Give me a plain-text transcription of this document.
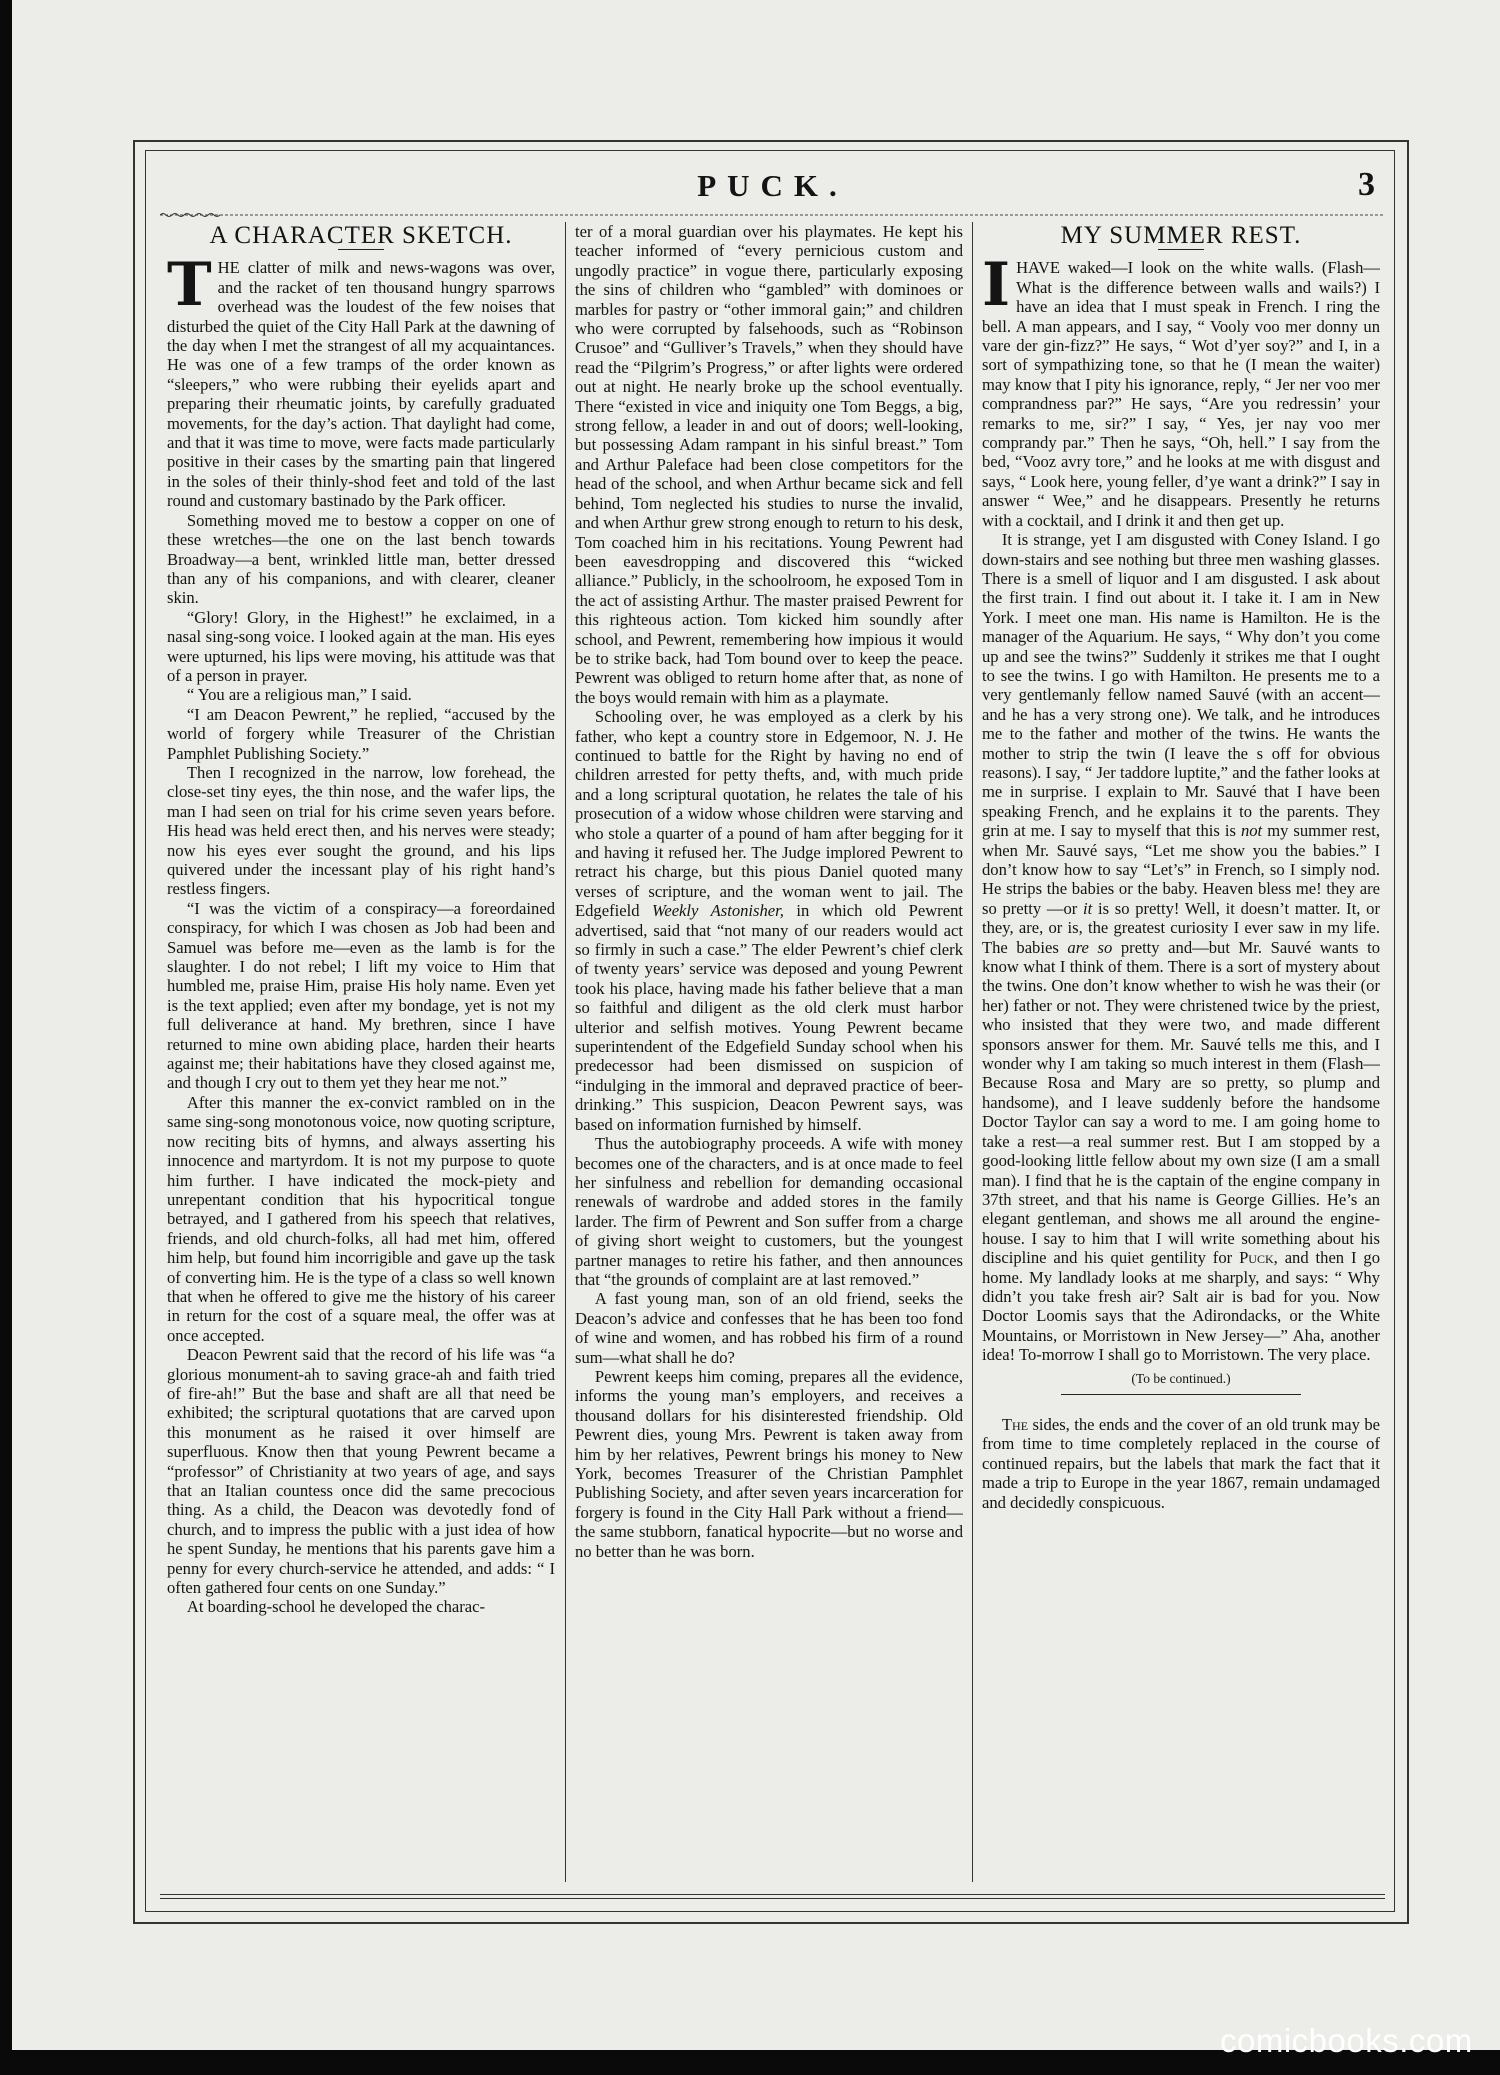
PUCK.	3
A CHARACTER SKETCH.

THE clatter of milk and news-wagons was over, and the racket of ten thousand hungry sparrows overhead was the loudest of the few noises that disturbed the quiet of the City Hall Park at the dawning of the day when I met the strangest of all my acquaintances. He was one of a few tramps of the order known as “sleepers,” who were rubbing their eyelids apart and preparing their rheumatic joints, by carefully graduated movements, for the day’s action. That daylight had come, and that it was time to move, were facts made particularly positive in their cases by the smarting pain that lingered in the soles of their thinly-shod feet and told of the last round and customary bastinado by the Park officer.

Something moved me to bestow a copper on one of these wretches—the one on the last bench towards Broadway—a bent, wrinkled little man, better dressed than any of his companions, and with clearer, cleaner skin.

“Glory! Glory, in the Highest!” he exclaimed, in a nasal sing-song voice. I looked again at the man. His eyes were upturned, his lips were moving, his attitude was that of a person in prayer.

“ You are a religious man,” I said.

“I am Deacon Pewrent,” he replied, “accused by the world of forgery while Treasurer of the Christian Pamphlet Publishing Society.”

Then I recognized in the narrow, low forehead, the close-set tiny eyes, the thin nose, and the wafer lips, the man I had seen on trial for his crime seven years before. His head was held erect then, and his nerves were steady; now his eyes ever sought the ground, and his lips quivered under the incessant play of his right hand’s restless fingers.

“I was the victim of a conspiracy—a foreordained conspiracy, for which I was chosen as Job had been and Samuel was before me—even as the lamb is for the slaughter. I do not rebel; I lift my voice to Him that humbled me, praise Him, praise His holy name. Even yet is the text applied; even after my bondage, yet is not my full deliverance at hand. My brethren, since I have returned to mine own abiding place, harden their hearts against me; their habitations have they closed against me, and though I cry out to them yet they hear me not.”

After this manner the ex-convict rambled on in the same sing-song monotonous voice, now quoting scripture, now reciting bits of hymns, and always asserting his innocence and martyrdom. It is not my purpose to quote him further. I have indicated the mock-piety and unrepentant condition that his hypocritical tongue betrayed, and I gathered from his speech that relatives, friends, and old church-folks, all had met him, offered him help, but found him incorrigible and gave up the task of converting him. He is the type of a class so well known that when he offered to give me the history of his career in return for the cost of a square meal, the offer was at once accepted.

Deacon Pewrent said that the record of his life was “a glorious monument-ah to saving grace-ah and faith tried of fire-ah!” But the base and shaft are all that need be exhibited; the scriptural quotations that are carved upon this monument as he raised it over himself are superfluous. Know then that young Pewrent became a “professor” of Christianity at two years of age, and says that an Italian countess once did the same precocious thing. As a child, the Deacon was devotedly fond of church, and to impress the public with a just idea of how he spent Sunday, he mentions that his parents gave him a penny for every church-service he attended, and adds: “ I often gathered four cents on one Sunday.”

At boarding-school he developed the charac-

ter of a moral guardian over his playmates. He kept his teacher informed of “every pernicious custom and ungodly practice” in vogue there, particularly exposing the sins of children who “gambled” with dominoes or marbles for pastry or “other immoral gain;” and children who were corrupted by falsehoods, such as “Robinson Crusoe” and “Gulliver’s Travels,” when they should have read the “Pilgrim’s Progress,” or after lights were ordered out at night. He nearly broke up the school eventually. There “existed in vice and iniquity one Tom Beggs, a big, strong fellow, a leader in and out of doors; well-looking, but possessing Adam rampant in his sinful breast.” Tom and Arthur Paleface had been close competitors for the head of the school, and when Arthur became sick and fell behind, Tom neglected his studies to nurse the invalid, and when Arthur grew strong enough to return to his desk, Tom coached him in his recitations. Young Pewrent had been eavesdropping and discovered this “wicked alliance.” Publicly, in the schoolroom, he exposed Tom in the act of assisting Arthur. The master praised Pewrent for this righteous action. Tom kicked him soundly after school, and Pewrent, remembering how impious it would be to strike back, had Tom bound over to keep the peace. Pewrent was obliged to return home after that, as none of the boys would remain with him as a playmate.

Schooling over, he was employed as a clerk by his father, who kept a country store in Edgemoor, N. J. He continued to battle for the Right by having no end of children arrested for petty thefts, and, with much pride and a long scriptural quotation, he relates the tale of his prosecution of a widow whose children were starving and who stole a quarter of a pound of ham after begging for it and having it refused her. The Judge implored Pewrent to retract his charge, but this pious Daniel quoted many verses of scripture, and the woman went to jail. The Edgefield Weekly Astonisher, in which old Pewrent advertised, said that “not many of our readers would act so firmly in such a case.” The elder Pewrent’s chief clerk of twenty years’ service was deposed and young Pewrent took his place, having made his father believe that a man so faithful and diligent as the old clerk must harbor ulterior and selfish motives. Young Pewrent became superintendent of the Edgefield Sunday school when his predecessor had been dismissed on suspicion of “indulging in the immoral and depraved practice of beer-drinking.” This suspicion, Deacon Pewrent says, was based on information furnished by himself.

Thus the autobiography proceeds. A wife with money becomes one of the characters, and is at once made to feel her sinfulness and rebellion for demanding occasional renewals of wardrobe and added stores in the family larder. The firm of Pewrent and Son suffer from a charge of giving short weight to customers, but the youngest partner manages to retire his father, and then announces that “the grounds of complaint are at last removed.”

A fast young man, son of an old friend, seeks the Deacon’s advice and confesses that he has been too fond of wine and women, and has robbed his firm of a round sum—what shall he do?

Pewrent keeps him coming, prepares all the evidence, informs the young man’s employers, and receives a thousand dollars for his disinterested friendship. Old Pewrent dies, young Mrs. Pewrent is taken away from him by her relatives, Pewrent brings his money to New York, becomes Treasurer of the Christian Pamphlet Publishing Society, and after seven years incarceration for forgery is found in the City Hall Park without a friend—the same stubborn, fanatical hypocrite—but no worse and no better than he was born.

MY SUMMER REST.

IHAVE waked—I look on the white walls. (Flash—What is the difference between walls and wails?) I have an idea that I must speak in French. I ring the bell. A man appears, and I say, “ Vooly voo mer donny un vare der gin-fizz?” He says, “ Wot d’yer soy?” and I, in a sort of sympathizing tone, so that he (I mean the waiter) may know that I pity his ignorance, reply, “ Jer ner voo mer comprandness par?” He says, “Are you redressin’ your remarks to me, sir?” I say, “ Yes, jer nay voo mer comprandy par.” Then he says, “Oh, hell.” I say from the bed, “Vooz avry tore,” and he looks at me with disgust and says, “ Look here, young feller, d’ye want a drink?” I say in answer “ Wee,” and he disappears. Presently he returns with a cocktail, and I drink it and then get up.

It is strange, yet I am disgusted with Coney Island. I go down-stairs and see nothing but three men washing glasses. There is a smell of liquor and I am disgusted. I ask about the first train. I find out about it. I take it. I am in New York. I meet one man. His name is Hamilton. He is the manager of the Aquarium. He says, “ Why don’t you come up and see the twins?” Suddenly it strikes me that I ought to see the twins. I go with Hamilton. He presents me to a very gentlemanly fellow named Sauvé (with an accent—and he has a very strong one). We talk, and he introduces me to the father and mother of the twins. He wants the mother to strip the twin (I leave the s off for obvious reasons). I say, “ Jer taddore luptite,” and the father looks at me in surprise. I explain to Mr. Sauvé that I have been speaking French, and he explains it to the parents. They grin at me. I say to myself that this is not my summer rest, when Mr. Sauvé says, “Let me show you the babies.” I don’t know how to say “Let’s” in French, so I simply nod. He strips the babies or the baby. Heaven bless me! they are so pretty —or it is so pretty! Well, it doesn’t matter. It, or they, are, or is, the greatest curiosity I ever saw in my life. The babies are so pretty and—but Mr. Sauvé wants to know what I think of them. There is a sort of mystery about the twins. One don’t know whether to wish he was their (or her) father or not. They were christened twice by the priest, who insisted that they were two, and made different sponsors answer for them. Mr. Sauvé tells me this, and I wonder why I am taking so much interest in them (Flash—Because Rosa and Mary are so pretty, so plump and handsome), and I leave suddenly before the handsome Doctor Taylor can say a word to me. I am going home to take a rest—a real summer rest. But I am stopped by a good-looking little fellow about my own size (I am a small man). I find that he is the captain of the engine company in 37th street, and that his name is George Gillies. He’s an elegant gentleman, and shows me all around the engine-house. I say to him that I will write something about his discipline and his quiet gentility for Puck, and then I go home. My landlady looks at me sharply, and says: “ Why didn’t you take fresh air? Salt air is bad for you. Now Doctor Loomis says that the Adirondacks, or the White Mountains, or Morristown in New Jersey—” Aha, another idea! To-morrow I shall go to Morristown. The very place.

(To be continued.)

The sides, the ends and the cover of an old trunk may be from time to time completely replaced in the course of continued repairs, but the labels that mark the fact that it made a trip to Europe in the year 1867, remain undamaged and decidedly conspicuous.

comicbooks.com
